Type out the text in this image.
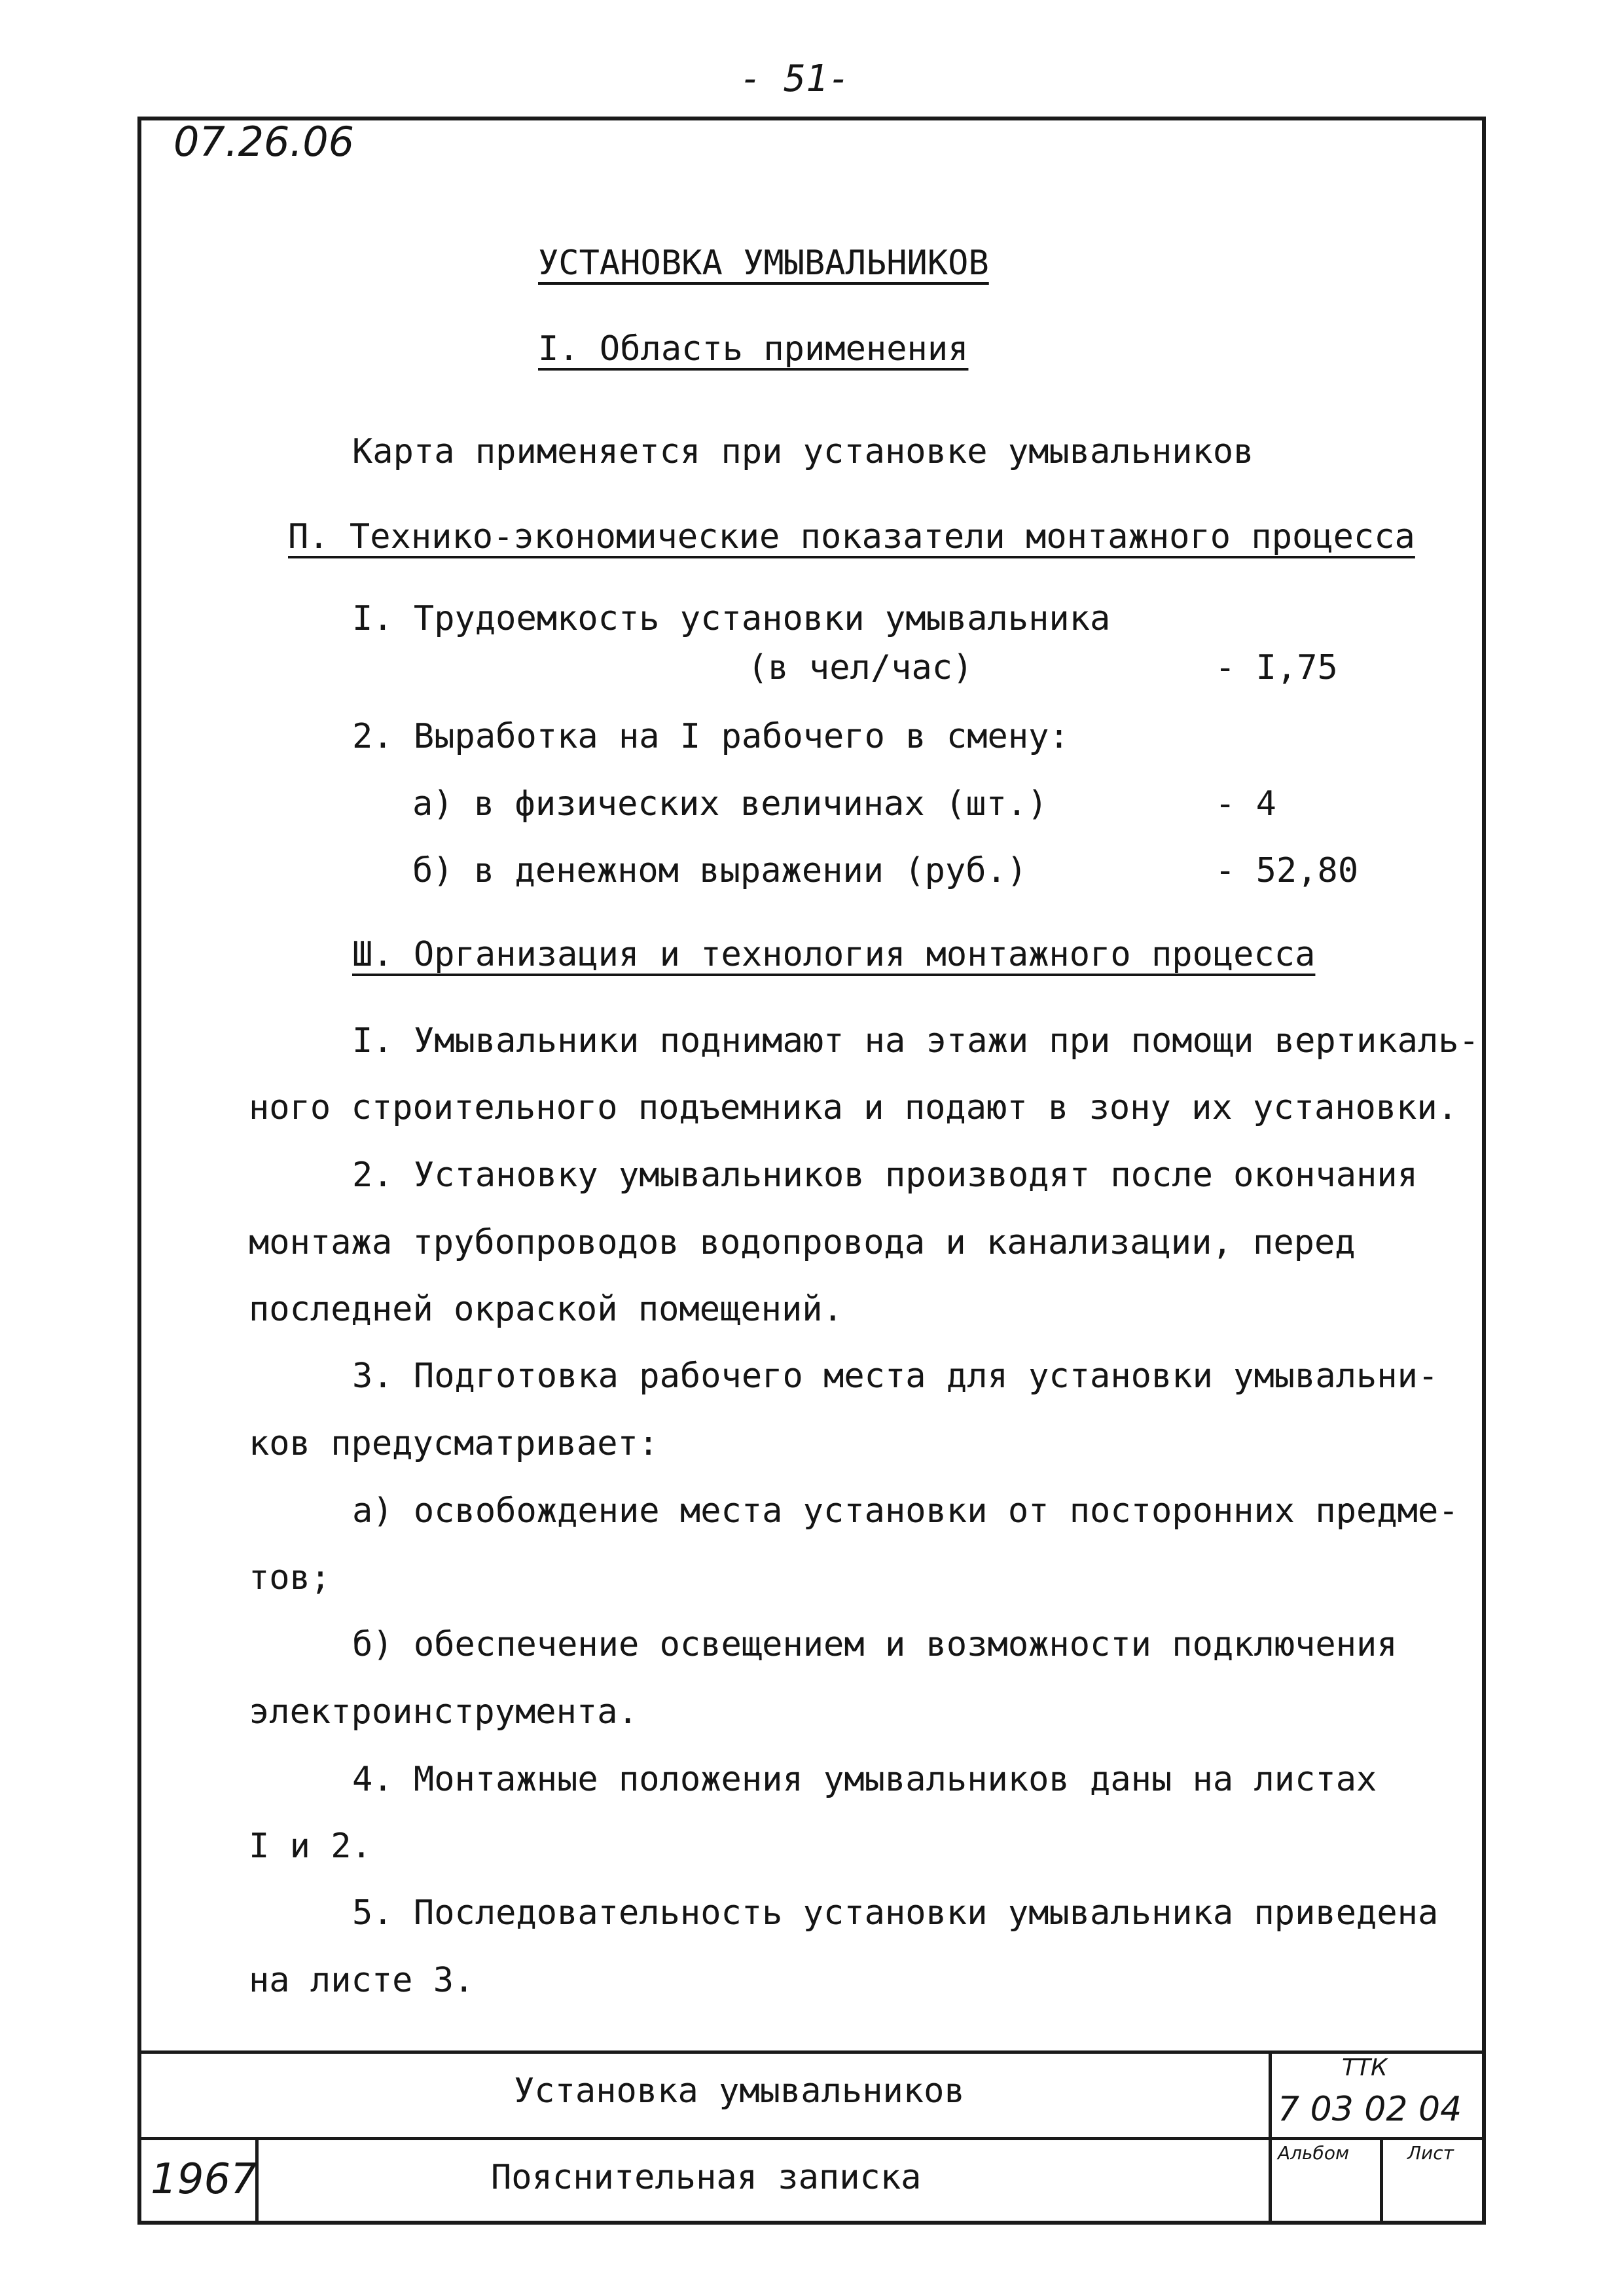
- 51-
07.26.06
УСТАНОВКА УМЫВАЛЬНИКОВ
I. Область применения
Карта применяется при установке умывальников
П. Технико-экономические показатели монтажного процесса
I. Трудоемкость установки умывальника
(в чел/час)	- I,75
2. Выработка на I рабочего в смену:
а) в физических величинах (шт.)	- 4
б) в денежном выражении (руб.)	- 52,80
Ш. Организация и технология монтажного процесса
I. Умывальники поднимают на этажи при помощи вертикаль-
ного строительного подъемника и подают в зону их установки.
2. Установку умывальников производят после окончания
монтажа трубопроводов водопровода и канализации, перед
последней окраской помещений.
3. Подготовка рабочего места для установки умывальни-
ков предусматривает:
а) освобождение места установки от посторонних предме-
тов;
б) обеспечение освещением и возможности подключения
электроинструмента.
4. Монтажные положения умывальников даны на листах
I и 2.
5. Последовательность установки умывальника приведена
на листе 3.
Установка умывальников
Пояснительная записка
1967
ТТК
7 03 02 04
Альбом	Лист
